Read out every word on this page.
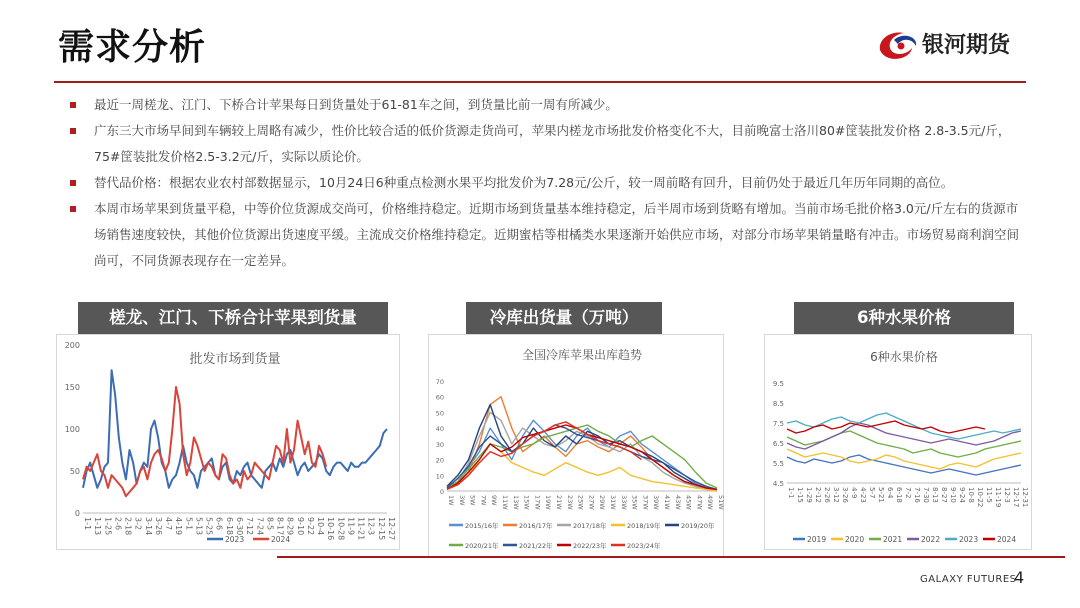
需求分析	银河期货
最近一周槎龙、江门、下桥合计苹果每日到货量处于61-81车之间，到货量比前一周有所减少。
广东三大市场早间到车辆较上周略有减少，性价比较合适的低价货源走货尚可，苹果内槎龙市场批发价格变化不大，目前晚富士洛川80#筐装批发价格 2.8-3.5元/斤，75#筐装批发价格2.5-3.2元/斤，实际以质论价。
替代品价格：根据农业农村部数据显示，10月24日6种重点检测水果平均批发价为7.28元/公斤，较一周前略有回升，目前仍处于最近几年历年同期的高位。
本周市场苹果到货量平稳，中等价位货源成交尚可，价格维持稳定。近期市场到货量基本维持稳定，后半周市场到货略有增加。当前市场毛批价格3.0元/斤左右的货源市场销售速度较快，其他价位货源出货速度平缓。主流成交价格维持稳定。近期蜜桔等柑橘类水果逐渐开始供应市场，对部分市场苹果销量略有冲击。市场贸易商利润空间尚可，不同货源表现存在一定差异。
槎龙、江门、下桥合计苹果到货量	冷库出货量（万吨）	6种水果价格
批发市场到货量
0
50
100
150
200
1-1 1-13 1-25 2-6 2-18 3-2 3-14 3-26 4-7 4-19 5-1 5-13 5-25 6-6 6-18 6-30 7-12 7-24 8-5 8-17 8-29 9-10 9-22 10-4 10-16 10-28 11-9 11-21 12-3 12-15 12-27
2023	2024
全国冷库苹果出库趋势
0
10
20
30
40
50
60
70
1W 3W 5W 7W 9W 11W 13W 15W 17W 19W 21W 23W 25W 27W 29W 31W 33W 35W 37W 39W 41W 43W 45W 47W 49W 51W
2015/16年	2016/17年	2017/18年	2018/19年	2019/20年
2020/21年	2021/22年	2022/23年	2023/24年
6种水果价格
4.5
5.5
6.5
7.5
8.5
9.5
1-1 1-15 1-29 2-12 2-26 3-12 3-26 4-9 4-23 5-7 5-21 6-4 6-18 7-2 7-16 7-30 8-13 8-27 9-10 9-24 10-8 10-22 11-5 11-19 12-3 12-17 12-31
2019	2020	2021	2022	2023	2024
GALAXY FUTURES
4
